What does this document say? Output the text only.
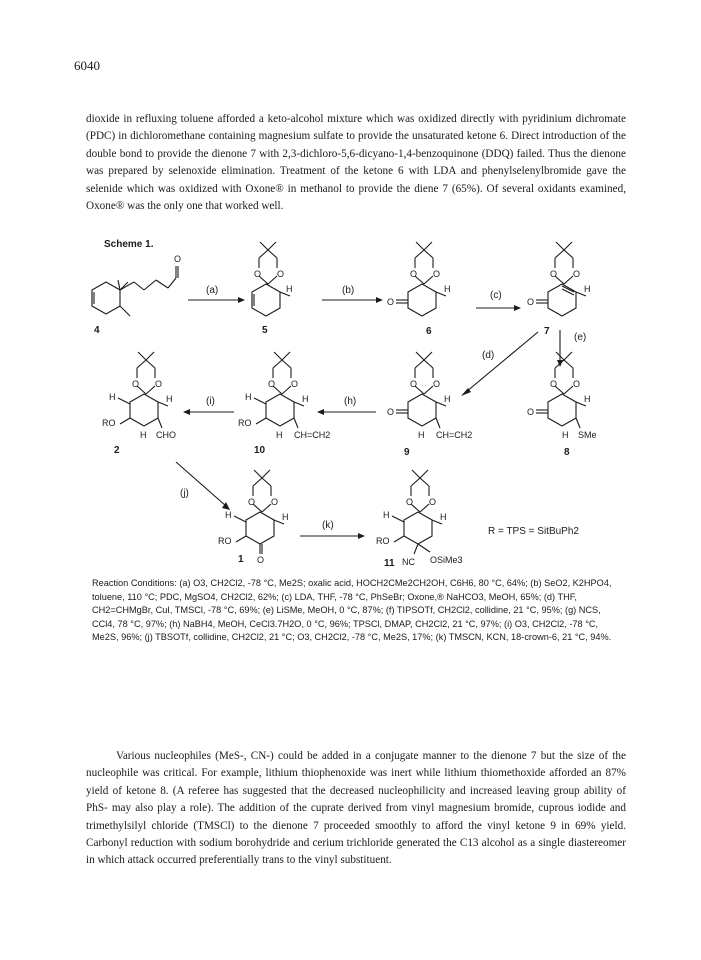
6040
dioxide in refluxing toluene afforded a keto-alcohol mixture which was oxidized directly with pyridinium dichromate (PDC) in dichloromethane containing magnesium sulfate to provide the unsaturated ketone 6. Direct introduction of the double bond to provide the dienone 7 with 2,3-dichloro-5,6-dicyano-1,4-benzoquinone (DDQ) failed. Thus the dienone was prepared by selenoxide elimination. Treatment of the ketone 6 with LDA and phenylselenylbromide gave the selenide which was oxidized with Oxone® in methanol to provide the diene 7 (65%). Of several oxidants examined, Oxone® was the only one that worked well.
Scheme 1.
O
4
(a)
O O
H
5
(b)
O
O O
H
6
(c)
O
O O
H
7
(e)
(d)
O
O O
H
H SMe
8
O
O O
H
H CH=CH2
9
(h)
H
RO
O O
H
H CH=CH2
10
(i)
H
RO
O O
H
H CHO
2
(j)
H
RO
O O
H
O
1
(k)
H
RO
O O
H
NC OSiMe3
11
R = TPS = SitBuPh2
Reaction Conditions: (a) O3, CH2Cl2, -78 °C, Me2S; oxalic acid, HOCH2CMe2CH2OH, C6H6, 80 °C, 64%; (b) SeO2, K2HPO4, toluene, 110 °C; PDC, MgSO4, CH2Cl2, 62%; (c) LDA, THF, -78 °C, PhSeBr; Oxone,® NaHCO3, MeOH, 65%; (d) THF, CH2=CHMgBr, CuI, TMSCl, -78 °C, 69%; (e) LiSMe, MeOH, 0 °C, 87%; (f) TIPSOTf, CH2Cl2, collidine, 21 °C, 95%; (g) NCS, CCl4, 78 °C, 97%; (h) NaBH4, MeOH, CeCl3.7H2O, 0 °C, 96%; TPSCl, DMAP, CH2Cl2, 21 °C, 97%; (i) O3, CH2Cl2, -78 °C, Me2S, 96%; (j) TBSOTf, collidine, CH2Cl2, 21 °C; O3, CH2Cl2, -78 °C, Me2S, 17%; (k) TMSCN, KCN, 18-crown-6, 21 °C, 94%.
Various nucleophiles (MeS-, CN-) could be added in a conjugate manner to the dienone 7 but the size of the nucleophile was critical. For example, lithium thiophenoxide was inert while lithium thiomethoxide afforded an 87% yield of ketone 8. (A referee has suggested that the decreased nucleophilicity and increased leaving group ability of PhS- may also play a role). The addition of the cuprate derived from vinyl magnesium bromide, cuprous iodide and trimethylsilyl chloride (TMSCl) to the dienone 7 proceeded smoothly to afford the vinyl ketone 9 in 69% yield. Carbonyl reduction with sodium borohydride and cerium trichloride generated the C13 alcohol as a single diastereomer in which attack occurred preferentially trans to the vinyl substituent.
